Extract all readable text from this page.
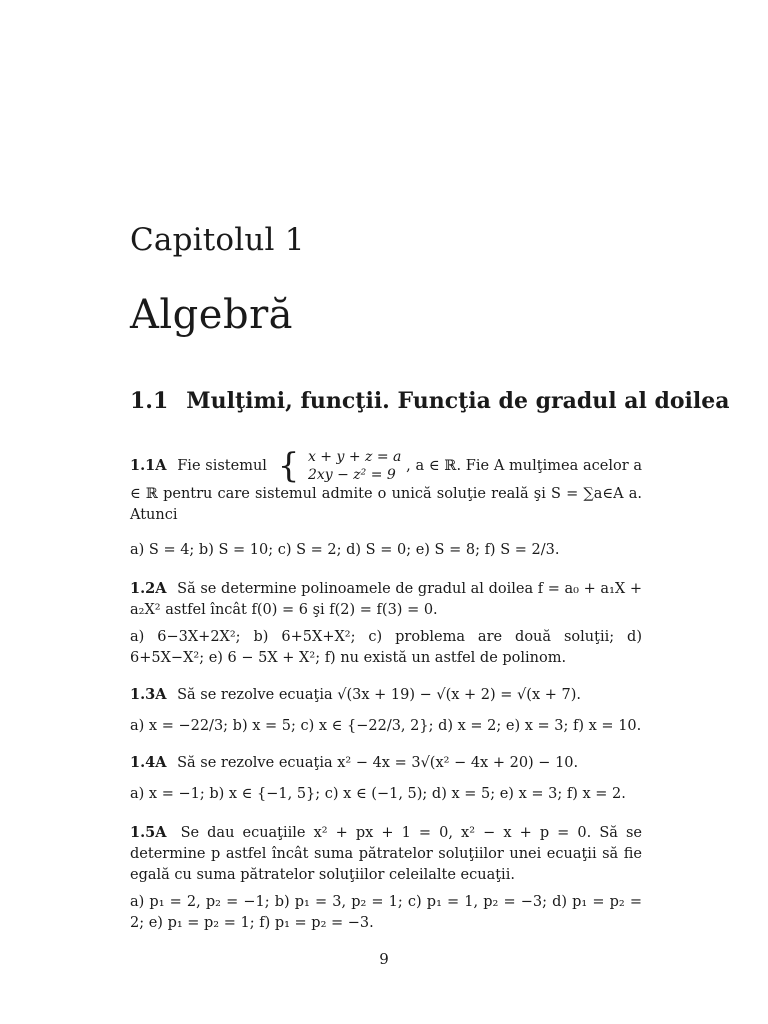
Capitolul 1
Algebră
1.1 Mulţimi, funcţii. Funcţia de gradul al doilea
1.1A Fie sistemul { x + y + z = a
2xy − z² = 9 , a ∈ ℝ. Fie A mulţimea acelor a ∈ ℝ pentru care sistemul admite o unică soluţie reală şi S = ∑a∈A a. Atunci
a) S = 4; b) S = 10; c) S = 2; d) S = 0; e) S = 8; f) S = 2/3.
1.2A Să se determine polinoamele de gradul al doilea f = a₀ + a₁X + a₂X² astfel încât f(0) = 6 şi f(2) = f(3) = 0.
a) 6−3X+2X²; b) 6+5X+X²; c) problema are două soluţii; d) 6+5X−X²; e) 6 − 5X + X²; f) nu există un astfel de polinom.
1.3A Să se rezolve ecuaţia √(3x + 19) − √(x + 2) = √(x + 7).
a) x = −22/3; b) x = 5; c) x ∈ {−22/3, 2}; d) x = 2; e) x = 3; f) x = 10.
1.4A Să se rezolve ecuaţia x² − 4x = 3√(x² − 4x + 20) − 10.
a) x = −1; b) x ∈ {−1, 5}; c) x ∈ (−1, 5); d) x = 5; e) x = 3; f) x = 2.
1.5A Se dau ecuaţiile x² + px + 1 = 0, x² − x + p = 0. Să se determine p astfel încât suma pătratelor soluţiilor unei ecuaţii să fie egală cu suma pătratelor soluţiilor celeilalte ecuaţii.
a) p₁ = 2, p₂ = −1; b) p₁ = 3, p₂ = 1; c) p₁ = 1, p₂ = −3; d) p₁ = p₂ = 2; e) p₁ = p₂ = 1; f) p₁ = p₂ = −3.
9
